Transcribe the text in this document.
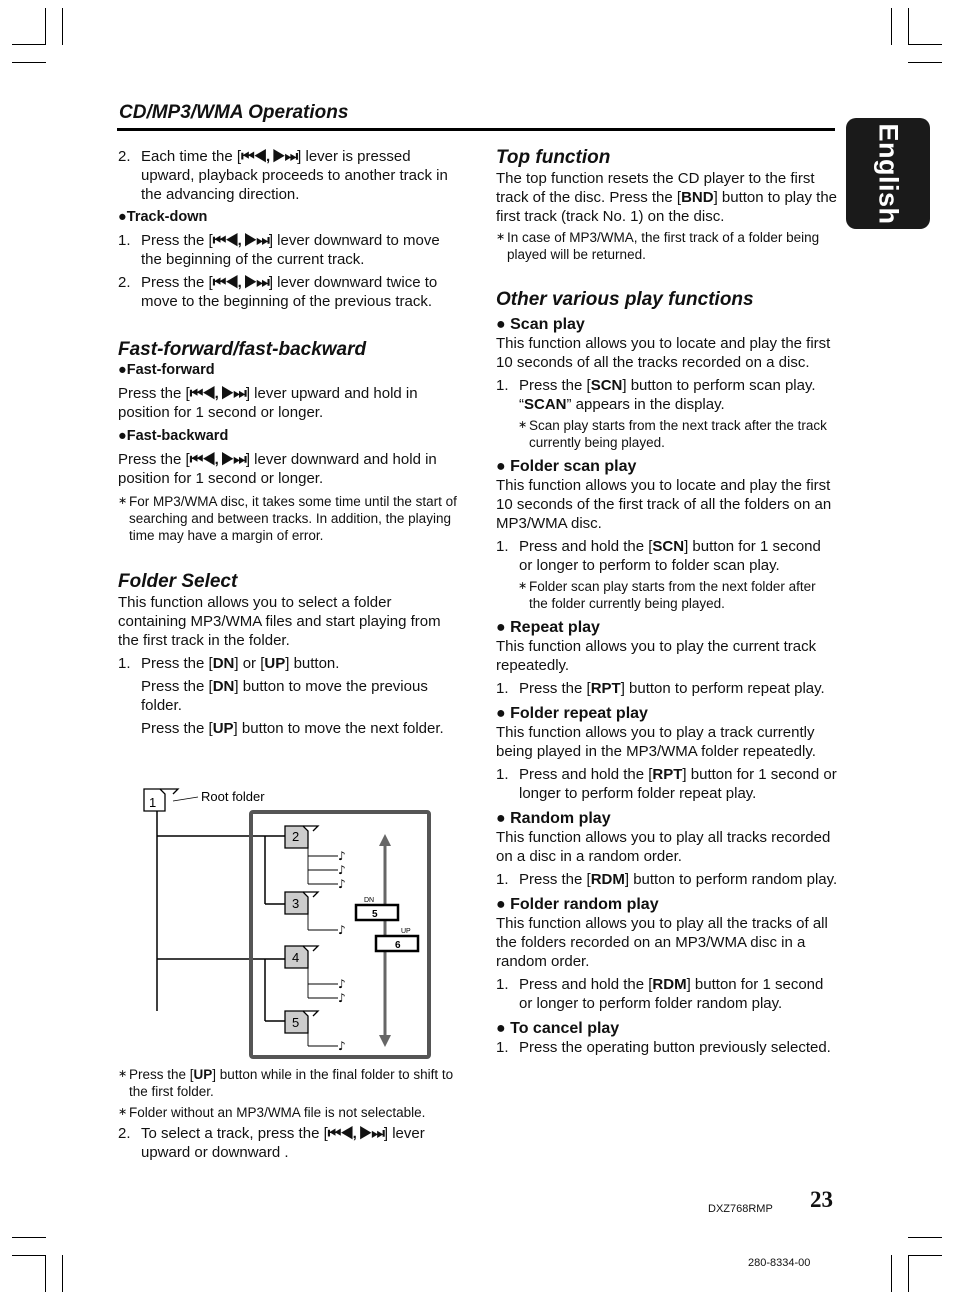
CD/MP3/WMA Operations
English
2. Each time the [⏮◀, ▶⏭] lever is pressed upward, playback proceeds to another track in the advancing direction.
●Track-down
1. Press the [⏮◀, ▶⏭] lever downward to move the beginning of the current track.
2. Press the [⏮◀, ▶⏭] lever downward twice to move to the beginning of the previous track.
Fast-forward/fast-backward
●Fast-forward
Press the [⏮◀, ▶⏭] lever upward and hold in position for 1 second or longer.
●Fast-backward
Press the [⏮◀, ▶⏭] lever downward and hold in position for 1 second or longer.
∗ For MP3/WMA disc, it takes some time until the start of searching and between tracks. In addition, the playing time may have a margin of error.
Folder Select
This function allows you to select a folder containing MP3/WMA files and start playing from the first track in the folder.
1. Press the [DN] or [UP] button.
Press the [DN] button to move the previous folder.
Press the [UP] button to move the next folder.
1	Root folder
2
3
4
5
♪
♪
♪
♪
♪
♪
♪
DN
5
UP
6
∗ Press the [UP] button while in the final folder to shift to the first folder.
∗ Folder without an MP3/WMA file is not selectable.
2. To select a track, press the [⏮◀, ▶⏭] lever upward or downward .
Top function
The top function resets the CD player to the first track of the disc. Press the [BND] button to play the first track (track No. 1) on the disc.
∗ In case of MP3/WMA, the first track of a folder being played will be returned.
Other various play functions
● Scan play
This function allows you to locate and play the first 10 seconds of all the tracks recorded on a disc.
1. Press the [SCN] button to perform scan play. “SCAN” appears in the display.
∗ Scan play starts from the next track after the track currently being played.
● Folder scan play
This function allows you to locate and play the first 10 seconds of the first track of all the folders on an MP3/WMA disc.
1. Press and hold the [SCN] button for 1 second or longer to perform to folder scan play.
∗ Folder scan play starts from the next folder after the folder currently being played.
● Repeat play
This function allows you to play the current track repeatedly.
1. Press the [RPT] button to perform repeat play.
● Folder repeat play
This function allows you to play a track currently being played in the MP3/WMA folder repeatedly.
1. Press and hold the [RPT] button for 1 second or longer to perform folder repeat play.
● Random play
This function allows you to play all tracks recorded on a disc in a random order.
1. Press the [RDM] button to perform random play.
● Folder random play
This function allows you to play all the tracks of all the folders recorded on an MP3/WMA disc in a random order.
1. Press and hold the [RDM] button for 1 second or longer to perform folder random play.
● To cancel play
1. Press the operating button previously selected.
DXZ768RMP 23
280-8334-00
